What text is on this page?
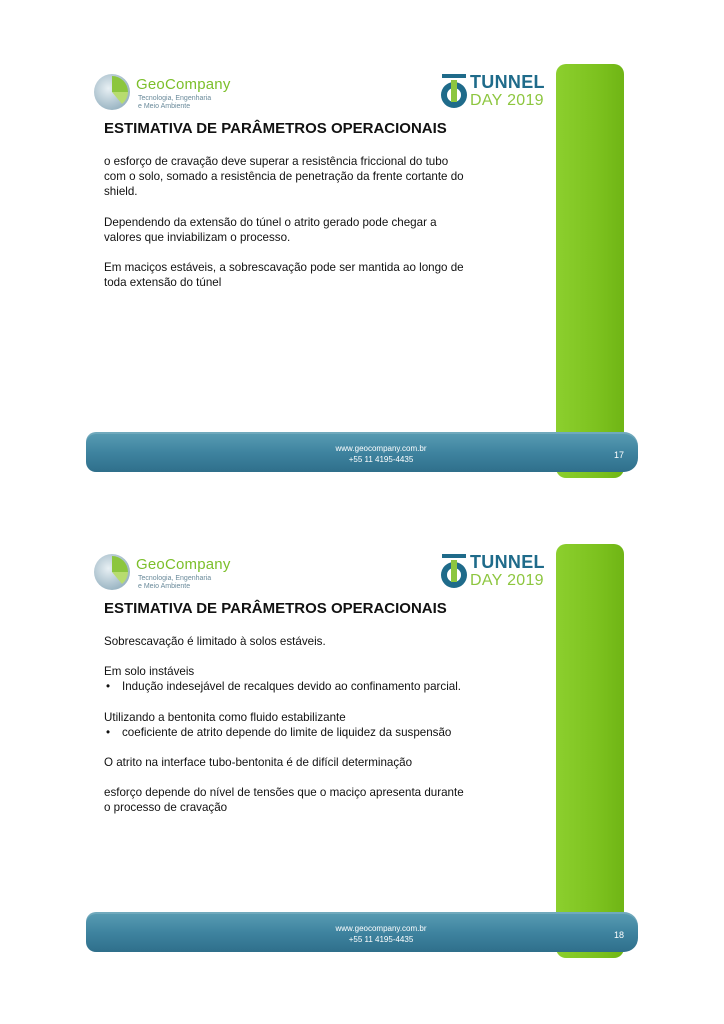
GeoCompany
Tecnologia, Engenharia
e Meio Ambiente
TUNNEL
DAY 2019
ESTIMATIVA DE PARÂMETROS OPERACIONAIS
o esforço de cravação deve superar a resistência friccional do tubo
com o solo, somado a resistência de penetração da frente cortante do
shield.
Dependendo da extensão do túnel o atrito gerado pode chegar a
valores que inviabilizam o processo.
Em maciços estáveis, a sobrescavação pode ser mantida ao longo de
toda extensão do túnel
www.geocompany.com.br
+55 11 4195-4435	17
GeoCompany
Tecnologia, Engenharia
e Meio Ambiente
TUNNEL
DAY 2019
ESTIMATIVA DE PARÂMETROS OPERACIONAIS
Sobrescavação é limitado à solos estáveis.
Em solo instáveis
• Indução indesejável de recalques devido ao confinamento parcial.
Utilizando a bentonita como fluido estabilizante
• coeficiente de atrito depende do limite de liquidez da suspensão
O atrito na interface tubo-bentonita é de difícil determinação
esforço depende do nível de tensões que o maciço apresenta durante
o processo de cravação
www.geocompany.com.br
+55 11 4195-4435	18
